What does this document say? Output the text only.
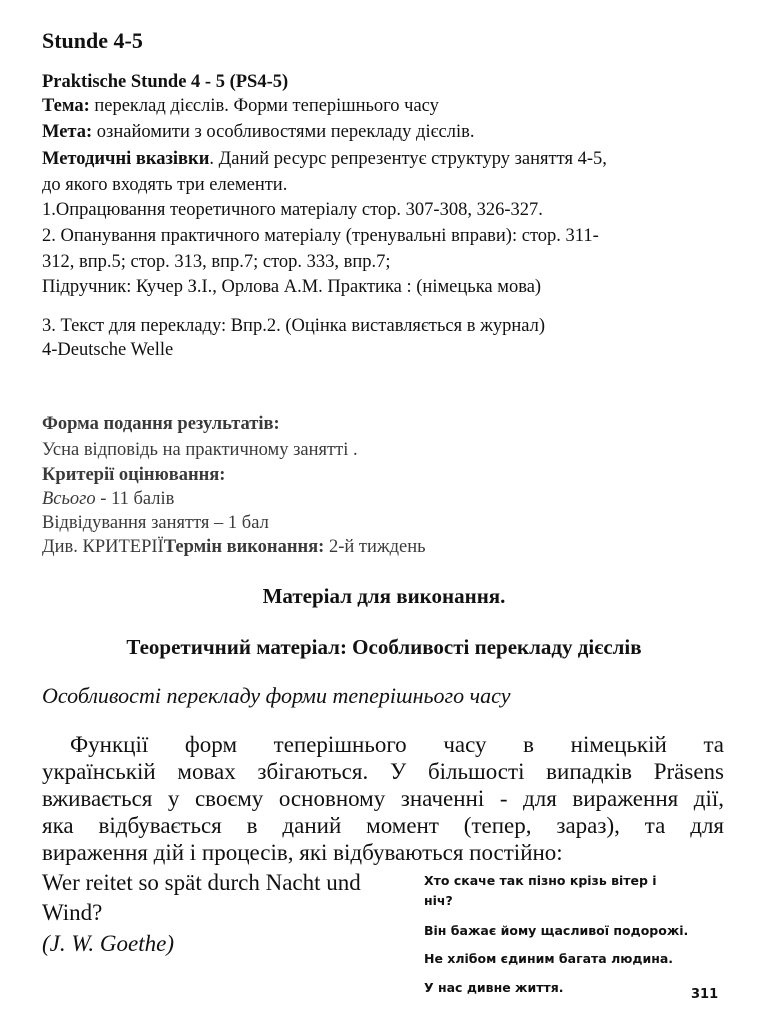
Stunde 4-5
Praktische Stunde 4 - 5 (PS4-5)
Тема: переклад дієслів. Форми теперішнього часу
Мета: ознайомити з особливостями перекладу дієслів.
Методичні вказівки. Даний ресурс репрезентує структуру заняття 4-5,
до якого входять три елементи.
1.Опрацювання теоретичного матеріалу стор. 307-308, 326-327.
2. Опанування практичного матеріалу (тренувальні вправи): стор. 311-
312, впр.5; стор. 313, впр.7; стор. 333, впр.7;
Підручник: Кучер З.І., Орлова А.М. Практика : (німецька мова)
3. Текст для перекладу: Впр.2. (Оцінка виставляється в журнал)
4-Deutsche Welle
Форма подання результатів:
Усна відповідь на практичному занятті .
Критерії оцінювання:
Всього - 11 балів
Відвідування заняття – 1 бал
Див. КРИТЕРІЇТермін виконання: 2-й тиждень
Матеріал для виконання.
Теоретичний матеріал: Особливості перекладу дієслів
Особливості перекладу форми теперішнього часу
Функції форм теперішнього часу в німецькій та
українській мовах збігаються. У більшості випадків Präsens
вживається у своєму основному значенні - для вираження дії,
яка відбувається в даний момент (тепер, зараз), та для
вираження дій і процесів, які відбуваються постійно:
Wer reitet so spät durch Nacht und
Wind?
(J. W. Goethe)
Хто скаче так пізно крізь вітер і
ніч?
Він бажає йому щасливої подорожі.
Не хлібом єдиним багата людина.
У нас дивне життя.	311
